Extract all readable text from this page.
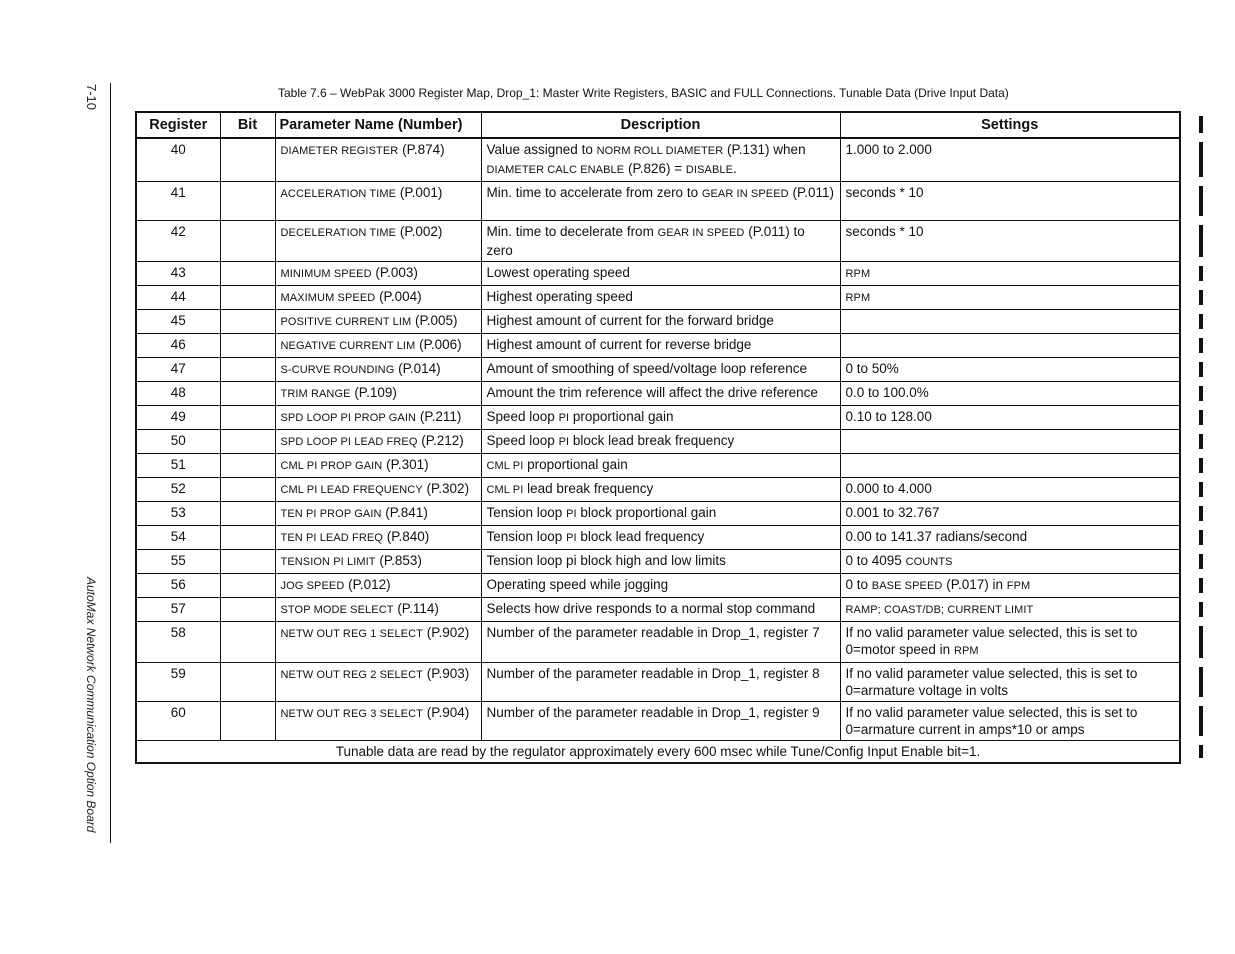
7-10
AutoMax Network Communication Option Board
Table 7.6 – WebPak 3000 Register Map, Drop_1: Master Write Registers, BASIC and FULL Connections. Tunable Data (Drive Input Data)
Register	Bit	Parameter Name (Number)	Description	Settings
40		DIAMETER REGISTER (P.874)	Value assigned to NORM ROLL DIAMETER (P.131) when DIAMETER CALC ENABLE (P.826) = DISABLE.	1.000 to 2.000
41		ACCELERATION TIME (P.001)	Min. time to accelerate from zero to GEAR IN SPEED (P.011)	seconds * 10
42		DECELERATION TIME (P.002)	Min. time to decelerate from GEAR IN SPEED (P.011) to zero	seconds * 10
43		MINIMUM SPEED (P.003)	Lowest operating speed	RPM
44		MAXIMUM SPEED (P.004)	Highest operating speed	RPM
45		POSITIVE CURRENT LIM (P.005)	Highest amount of current for the forward bridge	
46		NEGATIVE CURRENT LIM (P.006)	Highest amount of current for reverse bridge	
47		S-CURVE ROUNDING (P.014)	Amount of smoothing of speed/voltage loop reference	0 to 50%
48		TRIM RANGE (P.109)	Amount the trim reference will affect the drive reference	0.0 to 100.0%
49		SPD LOOP PI PROP GAIN (P.211)	Speed loop PI proportional gain	0.10 to 128.00
50		SPD LOOP PI LEAD FREQ (P.212)	Speed loop PI block lead break frequency	
51		CML PI PROP GAIN (P.301)	CML PI proportional gain	
52		CML PI LEAD FREQUENCY (P.302)	CML PI lead break frequency	0.000 to 4.000
53		TEN PI PROP GAIN (P.841)	Tension loop PI block proportional gain	0.001 to 32.767
54		TEN PI LEAD FREQ (P.840)	Tension loop PI block lead frequency	0.00 to 141.37 radians/second
55		TENSION PI LIMIT (P.853)	Tension loop pi block high and low limits	0 to 4095 COUNTS
56		JOG SPEED (P.012)	Operating speed while jogging	0 to BASE SPEED (P.017) in FPM
57		STOP MODE SELECT (P.114)	Selects how drive responds to a normal stop command	RAMP; COAST/DB; CURRENT LIMIT
58		NETW OUT REG 1 SELECT (P.902)	Number of the parameter readable in Drop_1, register 7	If no valid parameter value selected, this is set to 0=motor speed in RPM
59		NETW OUT REG 2 SELECT (P.903)	Number of the parameter readable in Drop_1, register 8	If no valid parameter value selected, this is set to 0=armature voltage in volts
60		NETW OUT REG 3 SELECT (P.904)	Number of the parameter readable in Drop_1, register 9	If no valid parameter value selected, this is set to 0=armature current in amps*10 or amps
Tunable data are read by the regulator approximately every 600 msec while Tune/Config Input Enable bit=1.				
